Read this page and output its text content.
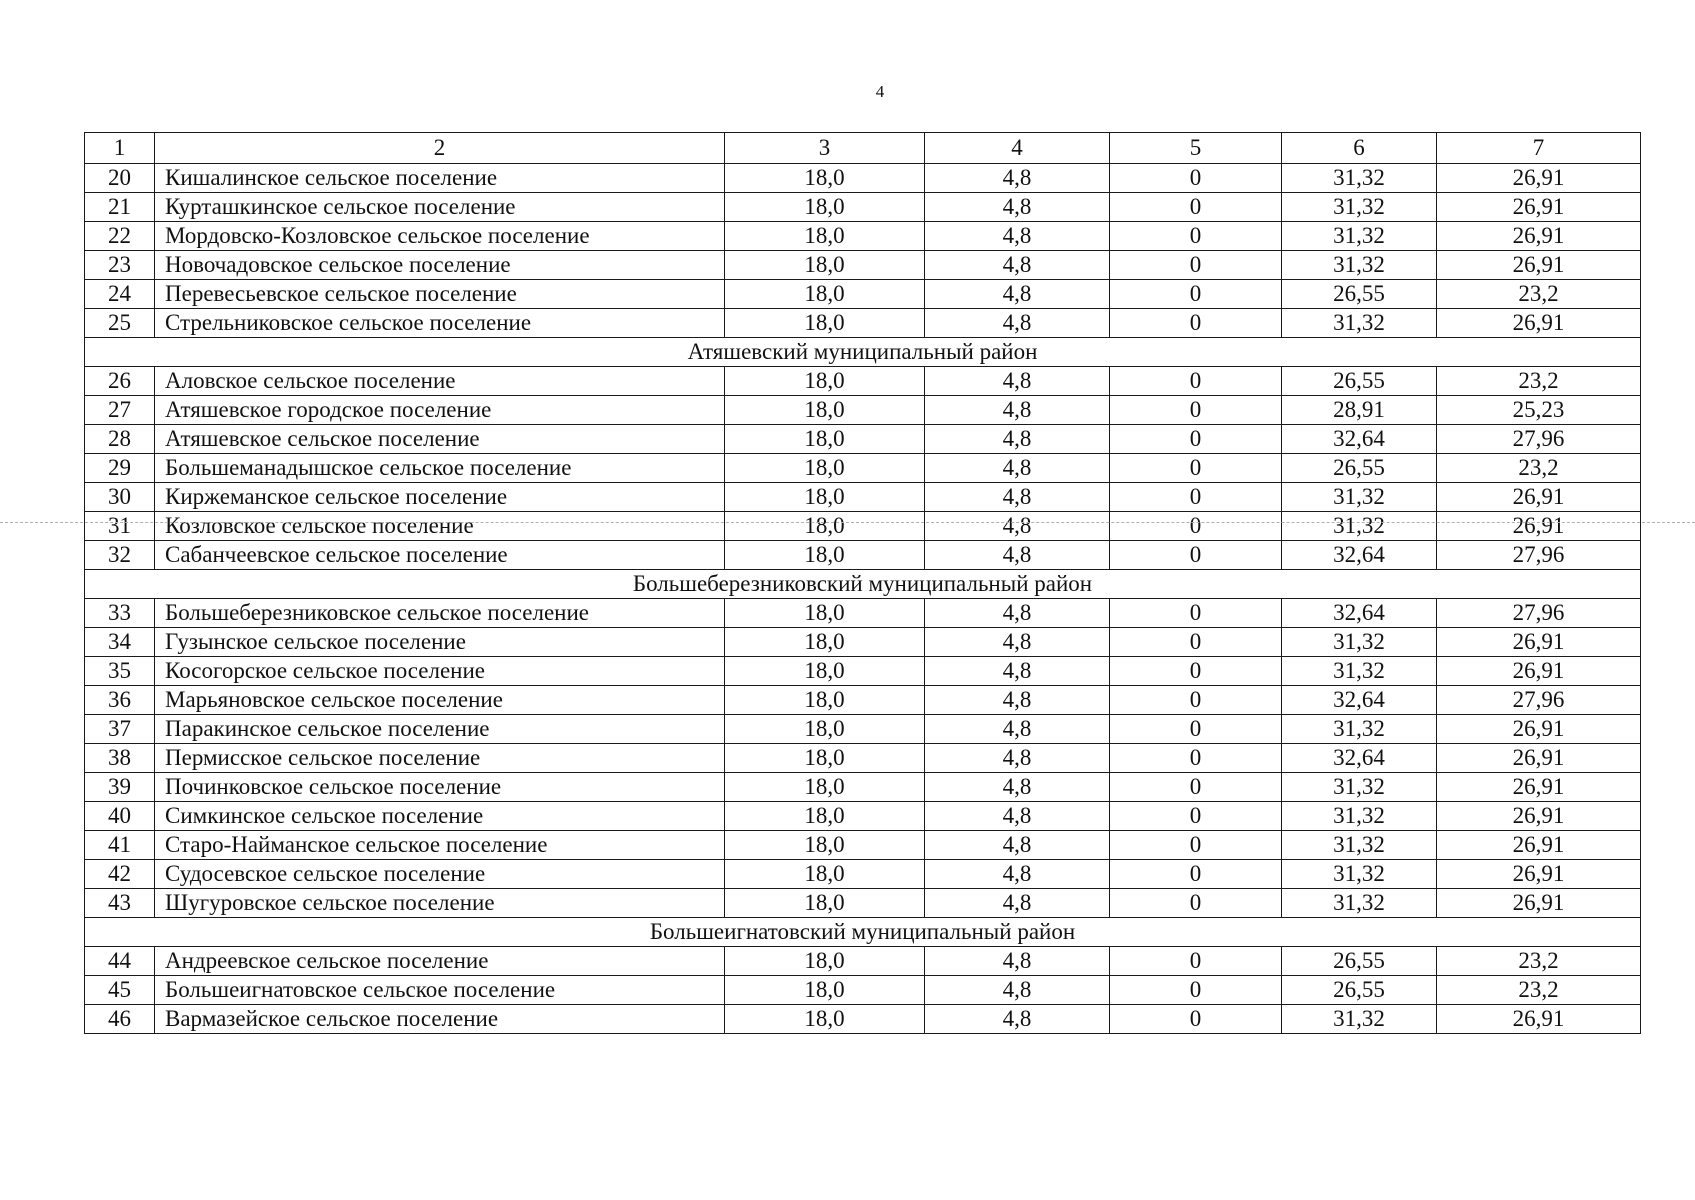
4
1	2	3	4	5	6	7
20	Кишалинское сельское поселение	18,0	4,8	0	31,32	26,91
21	Курташкинское сельское поселение	18,0	4,8	0	31,32	26,91
22	Мордовско-Козловское сельское поселение	18,0	4,8	0	31,32	26,91
23	Новочадовское сельское поселение	18,0	4,8	0	31,32	26,91
24	Перевесьевское сельское поселение	18,0	4,8	0	26,55	23,2
25	Стрельниковское сельское поселение	18,0	4,8	0	31,32	26,91
Атяшевский муниципальный район						
26	Аловское сельское поселение	18,0	4,8	0	26,55	23,2
27	Атяшевское городское поселение	18,0	4,8	0	28,91	25,23
28	Атяшевское сельское поселение	18,0	4,8	0	32,64	27,96
29	Большеманадышское сельское поселение	18,0	4,8	0	26,55	23,2
30	Киржеманское сельское поселение	18,0	4,8	0	31,32	26,91
31	Козловское сельское поселение	18,0	4,8	0	31,32	26,91
32	Сабанчеевское сельское поселение	18,0	4,8	0	32,64	27,96
Большеберезниковский муниципальный район						
33	Большеберезниковское сельское поселение	18,0	4,8	0	32,64	27,96
34	Гузынское сельское поселение	18,0	4,8	0	31,32	26,91
35	Косогорское сельское поселение	18,0	4,8	0	31,32	26,91
36	Марьяновское сельское поселение	18,0	4,8	0	32,64	27,96
37	Паракинское сельское поселение	18,0	4,8	0	31,32	26,91
38	Пермисское сельское поселение	18,0	4,8	0	32,64	26,91
39	Починковское сельское поселение	18,0	4,8	0	31,32	26,91
40	Симкинское сельское поселение	18,0	4,8	0	31,32	26,91
41	Старо-Найманское сельское поселение	18,0	4,8	0	31,32	26,91
42	Судосевское сельское поселение	18,0	4,8	0	31,32	26,91
43	Шугуровское сельское поселение	18,0	4,8	0	31,32	26,91
Большеигнатовский муниципальный район						
44	Андреевское сельское поселение	18,0	4,8	0	26,55	23,2
45	Большеигнатовское сельское поселение	18,0	4,8	0	26,55	23,2
46	Вармазейское сельское поселение	18,0	4,8	0	31,32	26,91
